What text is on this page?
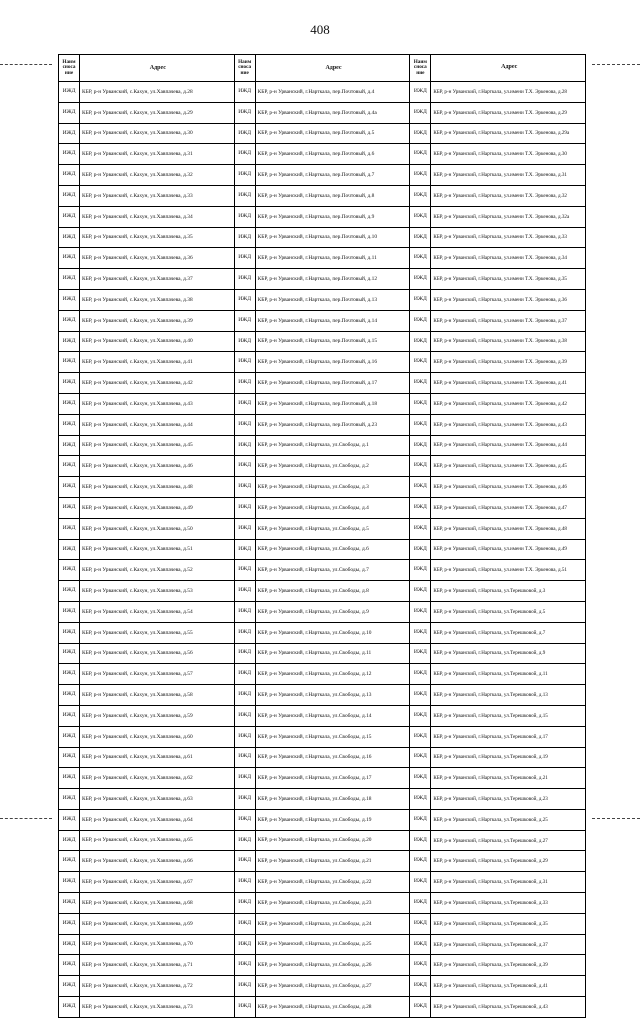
408
Наим сноса ние
Адрес
ИЖД	КБР, р-н Урванский, с.Кахун, ул.Хавпачева, д.28
ИЖД	КБР, р-н Урванский, с.Кахун, ул.Хавпачева, д.29
ИЖД	КБР, р-н Урванский, с.Кахун, ул.Хавпачева, д.30
ИЖД	КБР, р-н Урванский, с.Кахун, ул.Хавпачева, д.31
ИЖД	КБР, р-н Урванский, с.Кахун, ул.Хавпачева, д.32
ИЖД	КБР, р-н Урванский, с.Кахун, ул.Хавпачева, д.33
ИЖД	КБР, р-н Урванский, с.Кахун, ул.Хавпачева, д.34
ИЖД	КБР, р-н Урванский, с.Кахун, ул.Хавпачева, д.35
ИЖД	КБР, р-н Урванский, с.Кахун, ул.Хавпачева, д.36
ИЖД	КБР, р-н Урванский, с.Кахун, ул.Хавпачева, д.37
ИЖД	КБР, р-н Урванский, с.Кахун, ул.Хавпачева, д.38
ИЖД	КБР, р-н Урванский, с.Кахун, ул.Хавпачева, д.39
ИЖД	КБР, р-н Урванский, с.Кахун, ул.Хавпачева, д.40
ИЖД	КБР, р-н Урванский, с.Кахун, ул.Хавпачева, д.41
ИЖД	КБР, р-н Урванский, с.Кахун, ул.Хавпачева, д.42
ИЖД	КБР, р-н Урванский, с.Кахун, ул.Хавпачева, д.43
ИЖД	КБР, р-н Урванский, с.Кахун, ул.Хавпачева, д.44
ИЖД	КБР, р-н Урванский, с.Кахун, ул.Хавпачева, д.45
ИЖД	КБР, р-н Урванский, с.Кахун, ул.Хавпачева, д.46
ИЖД	КБР, р-н Урванский, с.Кахун, ул.Хавпачева, д.48
ИЖД	КБР, р-н Урванский, с.Кахун, ул.Хавпачева, д.49
ИЖД	КБР, р-н Урванский, с.Кахун, ул.Хавпачева, д.50
ИЖД	КБР, р-н Урванский, с.Кахун, ул.Хавпачева, д.51
ИЖД	КБР, р-н Урванский, с.Кахун, ул.Хавпачева, д.52
ИЖД	КБР, р-н Урванский, с.Кахун, ул.Хавпачева, д.53
ИЖД	КБР, р-н Урванский, с.Кахун, ул.Хавпачева, д.54
ИЖД	КБР, р-н Урванский, с.Кахун, ул.Хавпачева, д.55
ИЖД	КБР, р-н Урванский, с.Кахун, ул.Хавпачева, д.56
ИЖД	КБР, р-н Урванский, с.Кахун, ул.Хавпачева, д.57
ИЖД	КБР, р-н Урванский, с.Кахун, ул.Хавпачева, д.58
ИЖД	КБР, р-н Урванский, с.Кахун, ул.Хавпачева, д.59
ИЖД	КБР, р-н Урванский, с.Кахун, ул.Хавпачева, д.60
ИЖД	КБР, р-н Урванский, с.Кахун, ул.Хавпачева, д.61
ИЖД	КБР, р-н Урванский, с.Кахун, ул.Хавпачева, д.62
ИЖД	КБР, р-н Урванский, с.Кахун, ул.Хавпачева, д.63
ИЖД	КБР, р-н Урванский, с.Кахун, ул.Хавпачева, д.64
ИЖД	КБР, р-н Урванский, с.Кахун, ул.Хавпачева, д.65
ИЖД	КБР, р-н Урванский, с.Кахун, ул.Хавпачева, д.66
ИЖД	КБР, р-н Урванский, с.Кахун, ул.Хавпачева, д.67
ИЖД	КБР, р-н Урванский, с.Кахун, ул.Хавпачева, д.68
ИЖД	КБР, р-н Урванский, с.Кахун, ул.Хавпачева, д.69
ИЖД	КБР, р-н Урванский, с.Кахун, ул.Хавпачева, д.70
ИЖД	КБР, р-н Урванский, с.Кахун, ул.Хавпачева, д.71
ИЖД	КБР, р-н Урванский, с.Кахун, ул.Хавпачева, д.72
ИЖД	КБР, р-н Урванский, с.Кахун, ул.Хавпачева, д.73
Наим сноса ние
Адрес
ИЖД	КБР, р-н Урванский, г.Нарткала, пер.Почтовый, д.4
ИЖД	КБР, р-н Урванский, г.Нарткала, пер.Почтовый, д.4а
ИЖД	КБР, р-н Урванский, г.Нарткала, пер.Почтовый, д.5
ИЖД	КБР, р-н Урванский, г.Нарткала, пер.Почтовый, д.6
ИЖД	КБР, р-н Урванский, г.Нарткала, пер.Почтовый, д.7
ИЖД	КБР, р-н Урванский, г.Нарткала, пер.Почтовый, д.8
ИЖД	КБР, р-н Урванский, г.Нарткала, пер.Почтовый, д.9
ИЖД	КБР, р-н Урванский, г.Нарткала, пер.Почтовый, д.10
ИЖД	КБР, р-н Урванский, г.Нарткала, пер.Почтовый, д.11
ИЖД	КБР, р-н Урванский, г.Нарткала, пер.Почтовый, д.12
ИЖД	КБР, р-н Урванский, г.Нарткала, пер.Почтовый, д.13
ИЖД	КБР, р-н Урванский, г.Нарткала, пер.Почтовый, д.14
ИЖД	КБР, р-н Урванский, г.Нарткала, пер.Почтовый, д.15
ИЖД	КБР, р-н Урванский, г.Нарткала, пер.Почтовый, д.16
ИЖД	КБР, р-н Урванский, г.Нарткала, пер.Почтовый, д.17
ИЖД	КБР, р-н Урванский, г.Нарткала, пер.Почтовый, д.18
ИЖД	КБР, р-н Урванский, г.Нарткала, пер.Почтовый, д.23
ИЖД	КБР, р-н Урванский, г.Нарткала, ул.Свободы, д.1
ИЖД	КБР, р-н Урванский, г.Нарткала, ул.Свободы, д.2
ИЖД	КБР, р-н Урванский, г.Нарткала, ул.Свободы, д.3
ИЖД	КБР, р-н Урванский, г.Нарткала, ул.Свободы, д.4
ИЖД	КБР, р-н Урванский, г.Нарткала, ул.Свободы, д.5
ИЖД	КБР, р-н Урванский, г.Нарткала, ул.Свободы, д.6
ИЖД	КБР, р-н Урванский, г.Нарткала, ул.Свободы, д.7
ИЖД	КБР, р-н Урванский, г.Нарткала, ул.Свободы, д.8
ИЖД	КБР, р-н Урванский, г.Нарткала, ул.Свободы, д.9
ИЖД	КБР, р-н Урванский, г.Нарткала, ул.Свободы, д.10
ИЖД	КБР, р-н Урванский, г.Нарткала, ул.Свободы, д.11
ИЖД	КБР, р-н Урванский, г.Нарткала, ул.Свободы, д.12
ИЖД	КБР, р-н Урванский, г.Нарткала, ул.Свободы, д.13
ИЖД	КБР, р-н Урванский, г.Нарткала, ул.Свободы, д.14
ИЖД	КБР, р-н Урванский, г.Нарткала, ул.Свободы, д.15
ИЖД	КБР, р-н Урванский, г.Нарткала, ул.Свободы, д.16
ИЖД	КБР, р-н Урванский, г.Нарткала, ул.Свободы, д.17
ИЖД	КБР, р-н Урванский, г.Нарткала, ул.Свободы, д.18
ИЖД	КБР, р-н Урванский, г.Нарткала, ул.Свободы, д.19
ИЖД	КБР, р-н Урванский, г.Нарткала, ул.Свободы, д.20
ИЖД	КБР, р-н Урванский, г.Нарткала, ул.Свободы, д.21
ИЖД	КБР, р-н Урванский, г.Нарткала, ул.Свободы, д.22
ИЖД	КБР, р-н Урванский, г.Нарткала, ул.Свободы, д.23
ИЖД	КБР, р-н Урванский, г.Нарткала, ул.Свободы, д.24
ИЖД	КБР, р-н Урванский, г.Нарткала, ул.Свободы, д.25
ИЖД	КБР, р-н Урванский, г.Нарткала, ул.Свободы, д.26
ИЖД	КБР, р-н Урванский, г.Нарткала, ул.Свободы, д.27
ИЖД	КБР, р-н Урванский, г.Нарткала, ул.Свободы, д.28
Наим сноса ние
Адрес
ИЖД	КБР, р-н Урванский, г.Нарткала, ул.имени Т.Х. Эркенова, д.28
ИЖД	КБР, р-н Урванский, г.Нарткала, ул.имени Т.Х. Эркенова, д.29
ИЖД	КБР, р-н Урванский, г.Нарткала, ул.имени Т.Х. Эркенова, д.29а
ИЖД	КБР, р-н Урванский, г.Нарткала, ул.имени Т.Х. Эркенова, д.30
ИЖД	КБР, р-н Урванский, г.Нарткала, ул.имени Т.Х. Эркенова, д.31
ИЖД	КБР, р-н Урванский, г.Нарткала, ул.имени Т.Х. Эркенова, д.32
ИЖД	КБР, р-н Урванский, г.Нарткала, ул.имени Т.Х. Эркенова, д.32а
ИЖД	КБР, р-н Урванский, г.Нарткала, ул.имени Т.Х. Эркенова, д.33
ИЖД	КБР, р-н Урванский, г.Нарткала, ул.имени Т.Х. Эркенова, д.34
ИЖД	КБР, р-н Урванский, г.Нарткала, ул.имени Т.Х. Эркенова, д.35
ИЖД	КБР, р-н Урванский, г.Нарткала, ул.имени Т.Х. Эркенова, д.36
ИЖД	КБР, р-н Урванский, г.Нарткала, ул.имени Т.Х. Эркенова, д.37
ИЖД	КБР, р-н Урванский, г.Нарткала, ул.имени Т.Х. Эркенова, д.38
ИЖД	КБР, р-н Урванский, г.Нарткала, ул.имени Т.Х. Эркенова, д.39
ИЖД	КБР, р-н Урванский, г.Нарткала, ул.имени Т.Х. Эркенова, д.41
ИЖД	КБР, р-н Урванский, г.Нарткала, ул.имени Т.Х. Эркенова, д.42
ИЖД	КБР, р-н Урванский, г.Нарткала, ул.имени Т.Х. Эркенова, д.43
ИЖД	КБР, р-н Урванский, г.Нарткала, ул.имени Т.Х. Эркенова, д.44
ИЖД	КБР, р-н Урванский, г.Нарткала, ул.имени Т.Х. Эркенова, д.45
ИЖД	КБР, р-н Урванский, г.Нарткала, ул.имени Т.Х. Эркенова, д.46
ИЖД	КБР, р-н Урванский, г.Нарткала, ул.имени Т.Х. Эркенова, д.47
ИЖД	КБР, р-н Урванский, г.Нарткала, ул.имени Т.Х. Эркенова, д.48
ИЖД	КБР, р-н Урванский, г.Нарткала, ул.имени Т.Х. Эркенова, д.49
ИЖД	КБР, р-н Урванский, г.Нарткала, ул.имени Т.Х. Эркенова, д.51
ИЖД	КБР, р-н Урванский, г.Нарткала, ул.Терешковой, д.3
ИЖД	КБР, р-н Урванский, г.Нарткала, ул.Терешковой, д.5
ИЖД	КБР, р-н Урванский, г.Нарткала, ул.Терешковой, д.7
ИЖД	КБР, р-н Урванский, г.Нарткала, ул.Терешковой, д.9
ИЖД	КБР, р-н Урванский, г.Нарткала, ул.Терешковой, д.11
ИЖД	КБР, р-н Урванский, г.Нарткала, ул.Терешковой, д.13
ИЖД	КБР, р-н Урванский, г.Нарткала, ул.Терешковой, д.15
ИЖД	КБР, р-н Урванский, г.Нарткала, ул.Терешковой, д.17
ИЖД	КБР, р-н Урванский, г.Нарткала, ул.Терешковой, д.19
ИЖД	КБР, р-н Урванский, г.Нарткала, ул.Терешковой, д.21
ИЖД	КБР, р-н Урванский, г.Нарткала, ул.Терешковой, д.23
ИЖД	КБР, р-н Урванский, г.Нарткала, ул.Терешковой, д.25
ИЖД	КБР, р-н Урванский, г.Нарткала, ул.Терешковой, д.27
ИЖД	КБР, р-н Урванский, г.Нарткала, ул.Терешковой, д.29
ИЖД	КБР, р-н Урванский, г.Нарткала, ул.Терешковой, д.31
ИЖД	КБР, р-н Урванский, г.Нарткала, ул.Терешковой, д.33
ИЖД	КБР, р-н Урванский, г.Нарткала, ул.Терешковой, д.35
ИЖД	КБР, р-н Урванский, г.Нарткала, ул.Терешковой, д.37
ИЖД	КБР, р-н Урванский, г.Нарткала, ул.Терешковой, д.39
ИЖД	КБР, р-н Урванский, г.Нарткала, ул.Терешковой, д.41
ИЖД	КБР, р-н Урванский, г.Нарткала, ул.Терешковой, д.43
